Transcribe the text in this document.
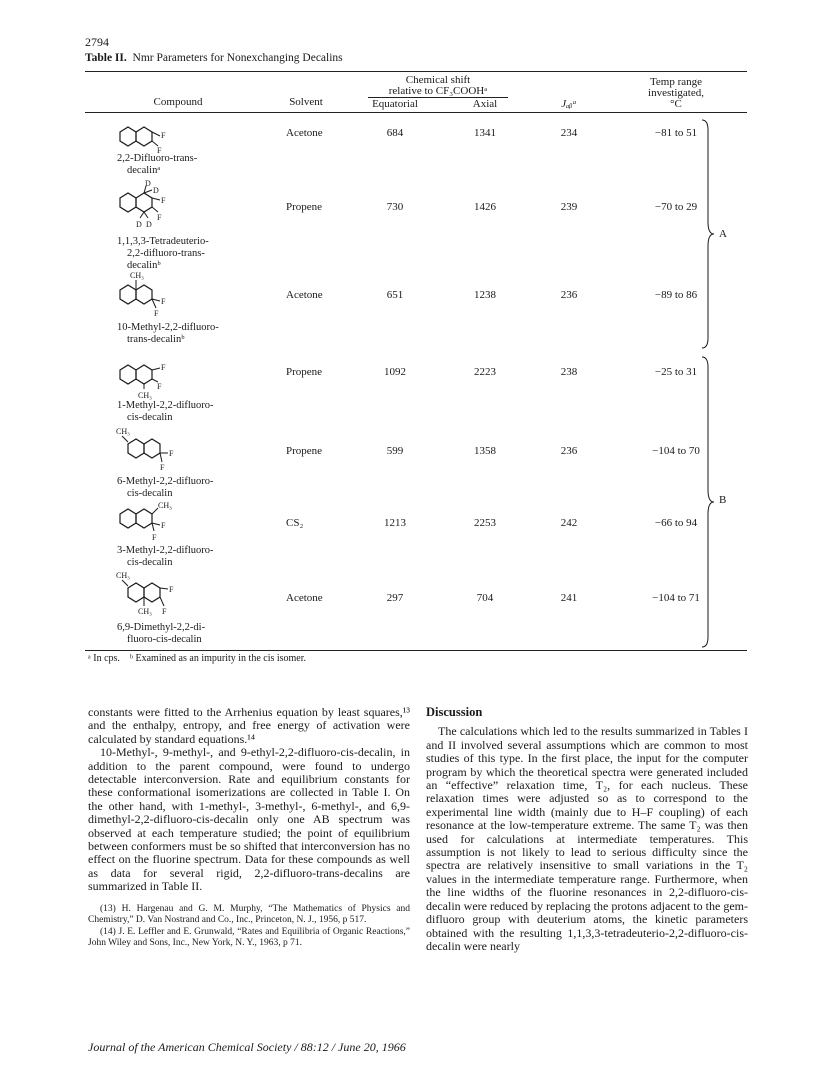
2794
Table II. Nmr Parameters for Nonexchanging Decalins
Compound	Solvent
Chemical shift
relative to CF₃COOHᵃ
Equatorial	Axial	Jₐᵦᵃ
Temp range
investigated,
°C
F
F
2,2-Difluoro-trans-
decalinᵃ
Acetone	684	1341	234	−81 to 51
D
D
F
F
D D
1,1,3,3-Tetradeuterio-
2,2-difluoro-trans-
decalinᵇ
Propene	730	1426	239	−70 to 29
CH₃
F
F
10-Methyl-2,2-difluoro-
trans-decalinᵇ
Acetone	651	1238	236	−89 to 86
F
F
CH₃
1-Methyl-2,2-difluoro-
cis-decalin
Propene	1092	2223	238	−25 to 31
CH₃
F
F
6-Methyl-2,2-difluoro-
cis-decalin
Propene	599	1358	236	−104 to 70
CH₃
F
F
3-Methyl-2,2-difluoro-
cis-decalin
CS₂	1213	2253	242	−66 to 94
CH₃
F
CH₃ F
6,9-Dimethyl-2,2-di-
fluoro-cis-decalin
Acetone	297	704	241	−104 to 71
A
B
ᵃ In cps. ᵇ Examined as an impurity in the cis isomer.

constants were fitted to the Arrhenius equation by least squares,¹³ and the enthalpy, entropy, and free energy of activation were calculated by standard equations.¹⁴

10-Methyl-, 9-methyl-, and 9-ethyl-2,2-difluoro-cis-decalin, in addition to the parent compound, were found to undergo detectable interconversion. Rate and equilibrium constants for these conformational isomerizations are collected in Table I. On the other hand, with 1-methyl-, 3-methyl-, 6-methyl-, and 6,9-dimethyl-2,2-difluoro-cis-decalin only one AB spectrum was observed at each temperature studied; the point of equilibrium between conformers must be so shifted that interconversion has no effect on the fluorine spectrum. Data for these compounds as well as data for several rigid, 2,2-difluoro-trans-decalins are summarized in Table II.

(13) H. Hargenau and G. M. Murphy, “The Mathematics of Physics and Chemistry,” D. Van Nostrand and Co., Inc., Princeton, N. J., 1956, p 517.

(14) J. E. Leffler and E. Grunwald, “Rates and Equilibria of Organic Reactions,” John Wiley and Sons, Inc., New York, N. Y., 1963, p 71.

Discussion

The calculations which led to the results summarized in Tables I and II involved several assumptions which are common to most studies of this type. In the first place, the input for the computer program by which the theoretical spectra were generated included an “effective” relaxation time, T₂, for each nucleus. These relaxation times were adjusted so as to correspond to the experimental line width (mainly due to H–F coupling) of each resonance at the low-temperature extreme. The same T₂ was then used for calculations at intermediate temperatures. This assumption is not likely to lead to serious difficulty since the spectra are relatively insensitive to small variations in the T₂ values in the intermediate temperature range. Furthermore, when the line widths of the fluorine resonances in 2,2-difluoro-cis-decalin were reduced by replacing the protons adjacent to the gem-difluoro group with deuterium atoms, the kinetic parameters obtained with the resulting 1,1,3,3-tetradeuterio-2,2-difluoro-cis-decalin were nearly

Journal of the American Chemical Society / 88:12 / June 20, 1966
